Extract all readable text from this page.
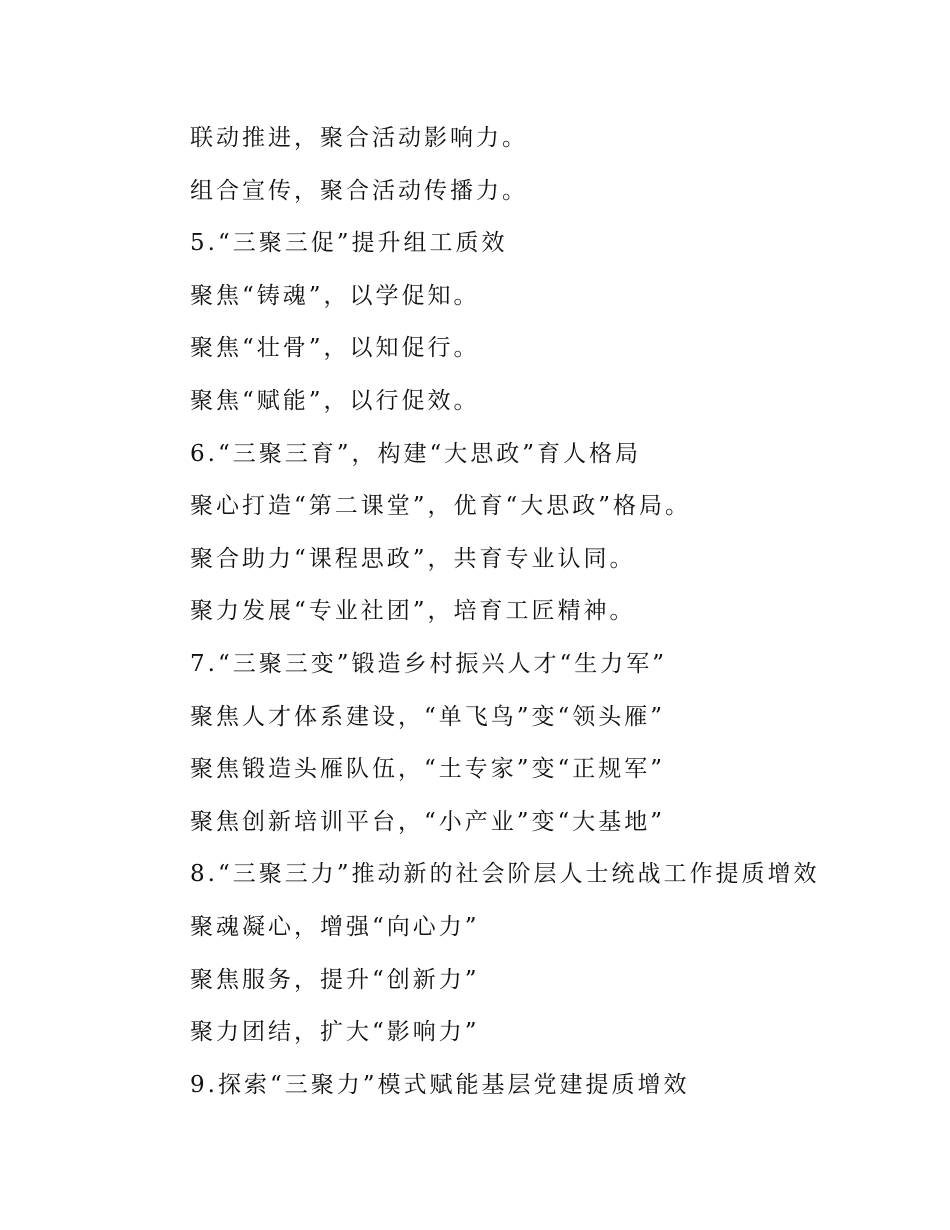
联动推进，聚合活动影响力。
组合宣传，聚合活动传播力。
5.“三聚三促”提升组工质效
聚焦“铸魂”，以学促知。
聚焦“壮骨”，以知促行。
聚焦“赋能”，以行促效。
6.“三聚三育”，构建“大思政”育人格局
聚心打造“第二课堂”，优育“大思政”格局。
聚合助力“课程思政”，共育专业认同。
聚力发展“专业社团”，培育工匠精神。
7.“三聚三变”锻造乡村振兴人才“生力军”
聚焦人才体系建设，“单飞鸟”变“领头雁”
聚焦锻造头雁队伍，“土专家”变“正规军”
聚焦创新培训平台，“小产业”变“大基地”
8.“三聚三力”推动新的社会阶层人士统战工作提质增效
聚魂凝心，增强“向心力”
聚焦服务，提升“创新力”
聚力团结，扩大“影响力”
9.探索“三聚力”模式赋能基层党建提质增效
